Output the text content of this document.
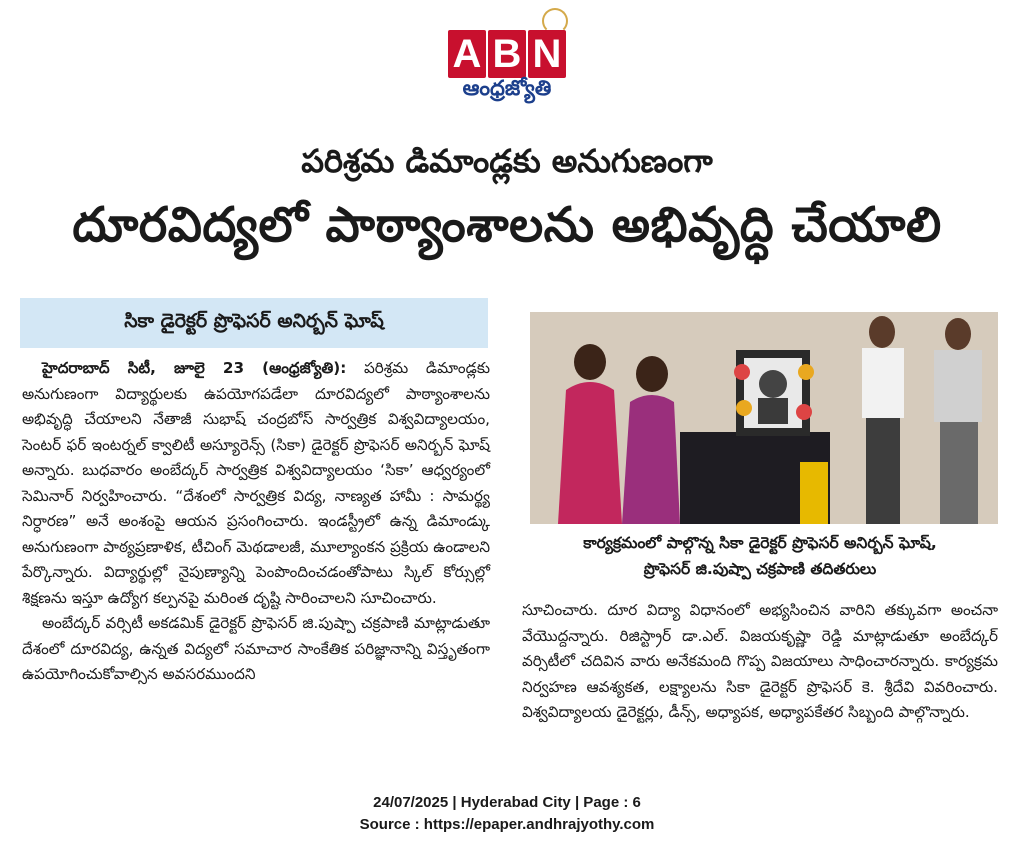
A B N
ఆంధ్రజ్యోతి
పరిశ్రమ డిమాండ్లకు అనుగుణంగా
దూరవిద్యలో పాఠ్యాంశాలను అభివృద్ధి చేయాలి
సికా డైరెక్టర్ ప్రొఫెసర్ అనిర్బన్ ఘోష్

హైదరాబాద్ సిటీ, జూలై 23 (ఆంధ్రజ్యోతి): పరిశ్రమ డిమాండ్లకు అనుగుణంగా విద్యార్థులకు ఉపయోగపడేలా దూరవిద్యలో పాఠ్యాంశాలను అభివృద్ధి చేయాలని నేతాజీ సుభాష్ చంద్రబోస్ సార్వత్రిక విశ్వవిద్యాలయం, సెంటర్ ఫర్ ఇంటర్నల్ క్వాలిటీ అస్యూరెన్స్ (సికా) డైరెక్టర్ ప్రొఫెసర్ అనిర్బన్ ఘోష్ అన్నారు. బుధవారం అంబేద్కర్ సార్వత్రిక విశ్వవిద్యాలయం ‘సికా’ ఆధ్వర్యంలో సెమినార్ నిర్వహించారు. “దేశంలో సార్వత్రిక విద్య, నాణ్యత హామీ : సామర్థ్య నిర్ధారణ” అనే అంశంపై ఆయన ప్రసంగించారు. ఇండస్ట్రీలో ఉన్న డిమాండ్కు అనుగుణంగా పాఠ్యప్రణాళిక, టీచింగ్ మెథడాలజీ, మూల్యాంకన ప్రక్రియ ఉండాలని పేర్కొన్నారు. విద్యార్థుల్లో నైపుణ్యాన్ని పెంపొందించడంతోపాటు స్కిల్ కోర్సుల్లో శిక్షణను ఇస్తూ ఉద్యోగ కల్పనపై మరింత దృష్టి సారించాలని సూచించారు.

అంబేద్కర్ వర్సిటీ అకడమిక్ డైరెక్టర్ ప్రొఫెసర్ జి.పుష్పా చక్రపాణి మాట్లాడుతూ దేశంలో దూరవిద్య, ఉన్నత విద్యలో సమాచార సాంకేతిక పరిజ్ఞానాన్ని విస్తృతంగా ఉపయోగించుకోవాల్సిన అవసరముందని

కార్యక్రమంలో పాల్గొన్న సికా డైరెక్టర్ ప్రొఫెసర్ అనిర్బన్ ఘోష్,
ప్రొఫెసర్ జి.పుష్పా చక్రపాణి తదితరులు

సూచించారు. దూర విద్యా విధానంలో అభ్యసించిన వారిని తక్కువగా అంచనా వేయొద్దన్నారు. రిజిస్ట్రార్ డా.ఎల్. విజయకృష్ణా రెడ్డి మాట్లాడుతూ అంబేద్కర్ వర్సిటీలో చదివిన వారు అనేకమంది గొప్ప విజయాలు సాధించారన్నారు. కార్యక్రమ నిర్వహణ ఆవశ్యకత, లక్ష్యాలను సికా డైరెక్టర్ ప్రొఫెసర్ కె. శ్రీదేవి వివరించారు. విశ్వవిద్యాలయ డైరెక్టర్లు, డీన్స్, అధ్యాపక, అధ్యాపకేతర సిబ్బంది పాల్గొన్నారు.

24/07/2025 | Hyderabad City | Page : 6
Source : https://epaper.andhrajyothy.com
